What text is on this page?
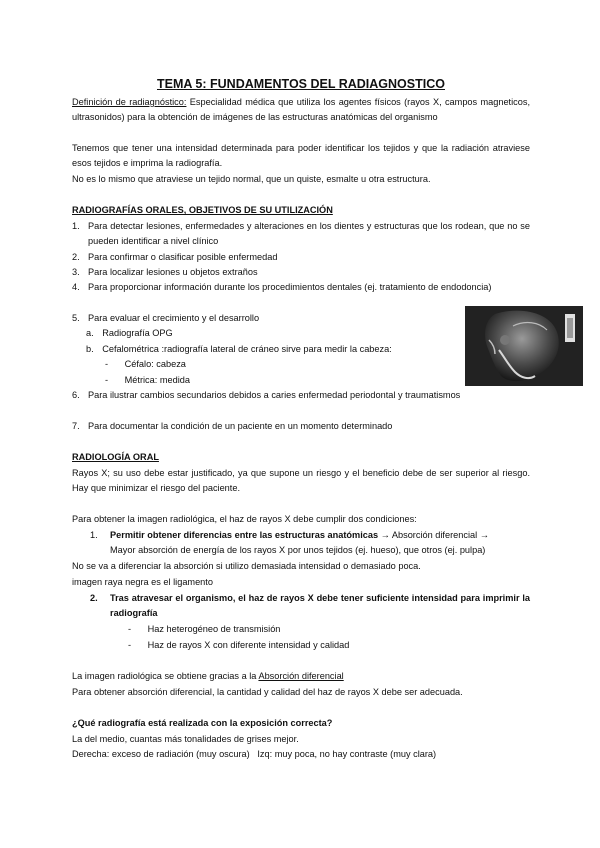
TEMA 5: FUNDAMENTOS DEL RADIAGNOSTICO
Definición de radiagnóstico: Especialidad médica que utiliza los agentes físicos (rayos X, campos magneticos, ultrasonidos) para la obtención de imágenes de las estructuras anatómicas del organismo
Tenemos que tener una intensidad determinada para poder identificar los tejidos y que la radiación atraviese esos tejidos e imprima la radiografía.
No es lo mismo que atraviese un tejido normal, que un quiste, esmalte u otra estructura.
RADIOGRAFÍAS ORALES, OBJETIVOS DE SU UTILIZACIÓN
1. Para detectar lesiones, enfermedades y alteraciones en los dientes y estructuras que los rodean, que no se pueden identificar a nivel clínico
2. Para confirmar o clasificar posible enfermedad
3. Para localizar lesiones u objetos extraños
4. Para proporcionar información durante los procedimientos dentales (ej. tratamiento de endodoncia)
5. Para evaluar el crecimiento y el desarrollo
a. Radiografía OPG
b. Cefalométrica :radiografía lateral de cráneo sirve para medir la cabeza:
- Céfalo: cabeza
- Métrica: medida
6. Para ilustrar cambios secundarios debidos a caries enfermedad periodontal y traumatismos
7. Para documentar la condición de un paciente en un momento determinado
RADIOLOGÍA ORAL
Rayos X; su uso debe estar justificado, ya que supone un riesgo y el beneficio debe de ser superior al riesgo. Hay que minimizar el riesgo del paciente.
Para obtener la imagen radiológica, el haz de rayos X debe cumplir dos condiciones:
1. Permitir obtener diferencias entre las estructuras anatómicas → Absorción diferencial → Mayor absorción de energía de los rayos X por unos tejidos (ej. hueso), que otros (ej. pulpa)
No se va a diferenciar la absorción si utilizo demasiada intensidad o demasiado poca.
imagen raya negra es el ligamento
2. Tras atravesar el organismo, el haz de rayos X debe tener suficiente intensidad para imprimir la radiografía
- Haz heterogéneo de transmisión
- Haz de rayos X con diferente intensidad y calidad
La imagen radiológica se obtiene gracias a la Absorción diferencial
Para obtener absorción diferencial, la cantidad y calidad del haz de rayos X debe ser adecuada.
¿Qué radiografía está realizada con la exposición correcta?
La del medio, cuantas más tonalidades de grises mejor.
Derecha: exceso de radiación (muy oscura)   Izq: muy poca, no hay contraste (muy clara)
